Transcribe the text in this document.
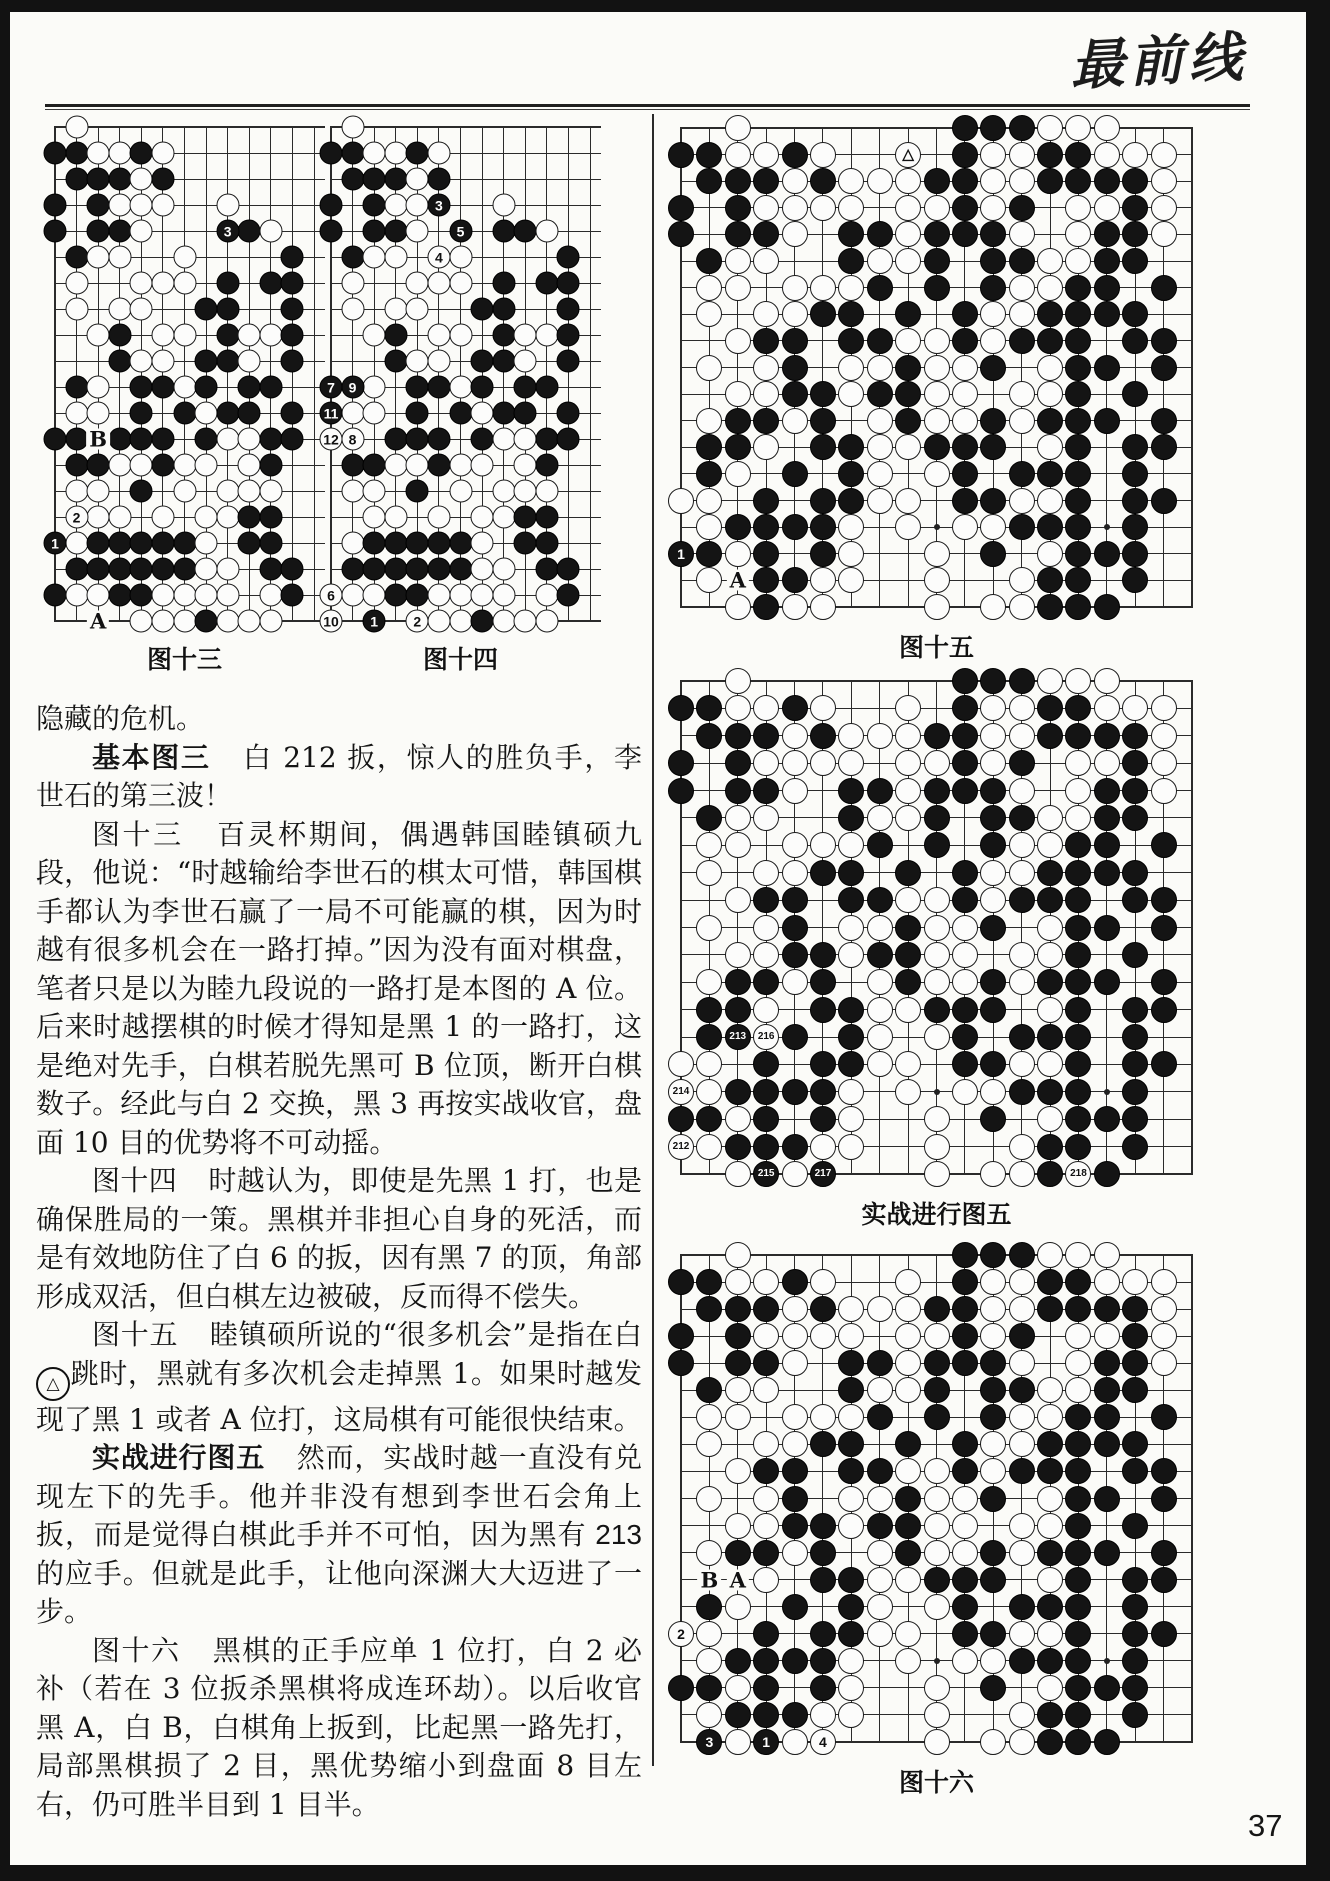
最前线
3
B
2
1
A
图十三
3
5
4
7 9
11
12 8
6
10 1	2
图十四
△
1
A
图十五
213 216
214
212
215	217	218
实战进行图五
B A
2
3	1	4
图十六

隐藏的危机。

基本图三 白 212 扳，惊人的胜负手，李世石的第三波！

图十三 百灵杯期间，偶遇韩国睦镇硕九段，他说：“时越输给李世石的棋太可惜，韩国棋手都认为李世石赢了一局不可能赢的棋，因为时越有很多机会在一路打掉。”因为没有面对棋盘，笔者只是以为睦九段说的一路打是本图的 A 位。后来时越摆棋的时候才得知是黑 1 的一路打，这是绝对先手，白棋若脱先黑可 B 位顶，断开白棋数子。经此与白 2 交换，黑 3 再按实战收官，盘面 10 目的优势将不可动摇。

图十四 时越认为，即使是先黑 1 打，也是确保胜局的一策。黑棋并非担心自身的死活，而是有效地防住了白 6 的扳，因有黑 7 的顶，角部形成双活，但白棋左边被破，反而得不偿失。

图十五 睦镇硕所说的“很多机会”是指在白
△ 跳时，黑就有多次机会走掉黑 1。如果时越发现了黑 1 或者 A 位打，这局棋有可能很快结束。

实战进行图五 然而，实战时越一直没有兑现左下的先手。他并非没有想到李世石会角上扳，而是觉得白棋此手并不可怕，因为黑有 213 的应手。但就是此手，让他向深渊大大迈进了一步。

图十六 黑棋的正手应单 1 位打，白 2 必补（若在 3 位扳杀黑棋将成连环劫）。以后收官黑 A，白 B，白棋角上扳到，比起黑一路先打，局部黑棋损了 2 目，黑优势缩小到盘面 8 目左右，仍可胜半目到 1 目半。

37
